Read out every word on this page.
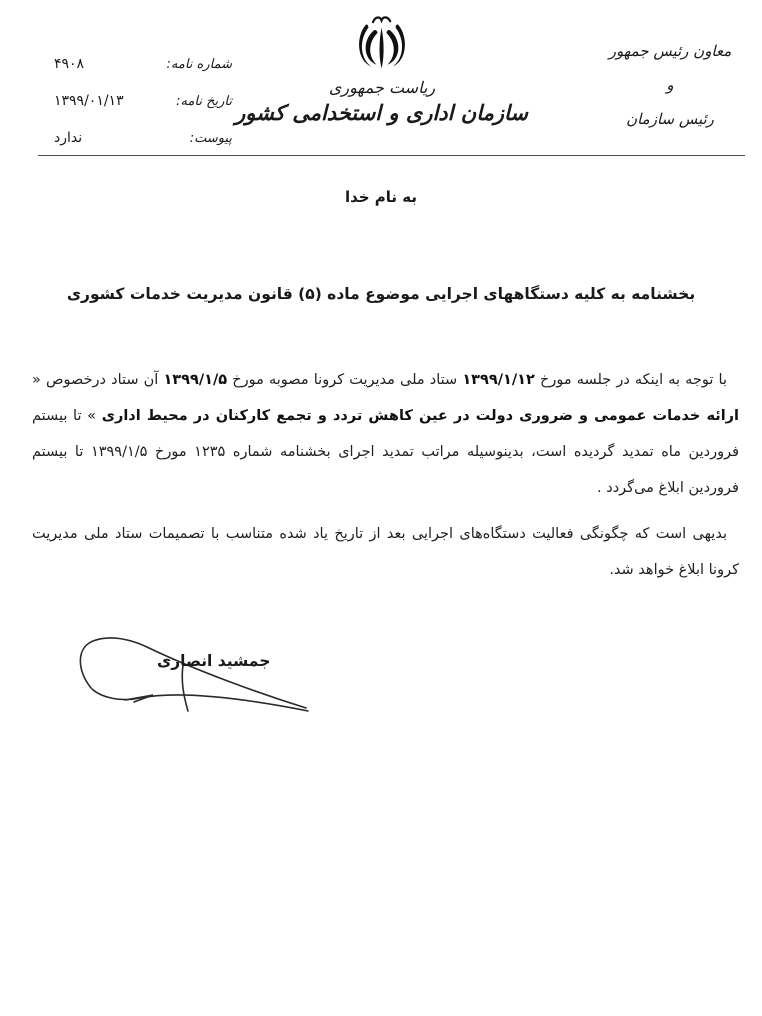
ریاست جمهوری
سازمان اداری و استخدامی کشور
معاون رئیس جمهور
و
رئیس سازمان
شماره نامه:
۴۹۰۸
تاریخ نامه:
۱۳۹۹/۰۱/۱۳
پیوست:
ندارد
به نام خدا
بخشنامه به کلیه دستگاههای اجرایی موضوع ماده (۵) قانون مدیریت خدمات کشوری

با توجه به اینکه در جلسه مورخ ۱۳۹۹/۱/۱۲ ستاد ملی مدیریت کرونا مصوبه مورخ ۱۳۹۹/۱/۵ آن ستاد درخصوص « ارائه خدمات عمومی و ضروری دولت در عین کاهش تردد و تجمع کارکنان در محیط اداری » تا بیستم فروردین ماه تمدید گردیده است، بدینوسیله مراتب تمدید اجرای بخشنامه شماره ۱۲۳۵ مورخ ۱۳۹۹/۱/۵ تا بیستم فروردین ابلاغ می‌گردد .

بدیهی است که چگونگی فعالیت دستگاه‌های اجرایی بعد از تاریخ یاد شده متناسب با تصمیمات ستاد ملی مدیریت کرونا ابلاغ خواهد شد.

جمشید انصاری
